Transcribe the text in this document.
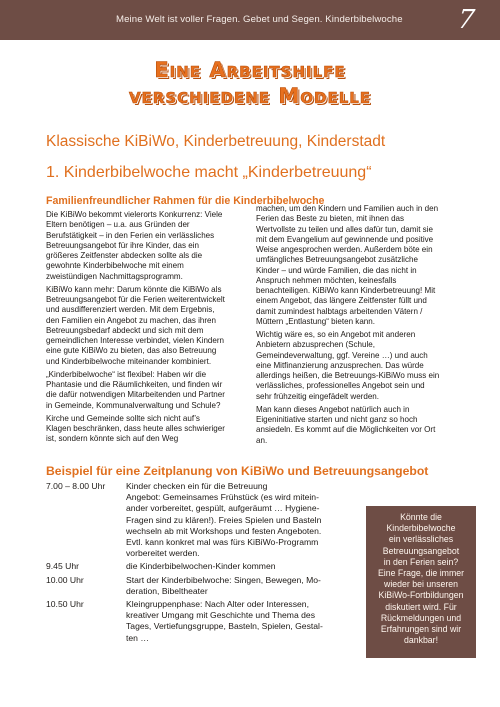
Meine Welt ist voller Fragen. Gebet und Segen. Kinderbibelwoche 7
Eine Arbeitshilfe
verschiedene Modelle
Klassische KiBiWo, Kinderbetreuung, Kinderstadt
1. Kinderbibelwoche macht „Kinderbetreuung“
Familienfreundlicher Rahmen für die Kinderbibelwoche

Die KiBiWo bekommt vielerorts Konkurrenz: Viele Eltern benötigen – u.a. aus Gründen der Berufstätigkeit – in den Ferien ein verlässliches Betreuungsangebot für ihre Kinder, das ein größeres Zeitfenster abdecken sollte als die gewohnte Kinderbibelwoche mit einem zweistündigen Nachmittagsprogramm.

KiBiWo kann mehr: Darum könnte die KiBiWo als Betreuungsangebot für die Ferien weiterentwickelt und ausdifferenziert werden. Mit dem Ergebnis, den Familien ein Angebot zu machen, das ihren Betreuungsbedarf abdeckt und sich mit dem gemeindlichen Interesse verbindet, vielen Kindern eine gute KiBiWo zu bieten, das also Betreuung und Kinderbibelwoche miteinander kombiniert.

„Kinderbibelwoche“ ist flexibel: Haben wir die Phantasie und die Räumlichkeiten, und finden wir die dafür notwendigen Mitarbeitenden und Partner in Gemeinde, Kommunalverwaltung und Schule?

Kirche und Gemeinde sollte sich nicht auf’s Klagen beschränken, dass heute alles schwieriger ist, sondern könnte sich auf den Weg

machen, um den Kindern und Familien auch in den Ferien das Beste zu bieten, mit ihnen das Wertvollste zu teilen und alles dafür tun, damit sie mit dem Evangelium auf gewinnende und positive Weise angesprochen werden. Außerdem böte ein umfängliches Betreuungsangebot zusätzliche Kinder – und würde Familien, die das nicht in Anspruch nehmen möchten, keinesfalls benachteiligen. KiBiWo kann Kinderbetreuung! Mit einem Angebot, das längere Zeitfenster füllt und damit zumindest halbtags arbeitenden Vätern / Müttern „Entlastung“ bieten kann.

Wichtig wäre es, so ein Angebot mit anderen Anbietern abzusprechen (Schule, Gemeindeverwaltung, ggf. Vereine …) und auch eine Mitfinanzierung anzusprechen. Das würde allerdings heißen, die Betreuungs-KiBiWo muss ein verlässliches, professionelles Angebot sein und sehr frühzeitig eingefädelt werden.

Man kann dieses Angebot natürlich auch in Eigeninitiative starten und nicht ganz so hoch ansiedeln. Es kommt auf die Möglichkeiten vor Ort an.

Beispiel für eine Zeitplanung von KiBiWo und Betreuungsangebot
7.00 – 8.00 Uhr	Kinder checken ein für die Betreuung
Angebot: Gemeinsames Frühstück (es wird mitein-
ander vorbereitet, gespült, aufgeräumt … Hygiene-
Fragen sind zu klären!). Freies Spielen und Basteln
wechseln ab mit Workshops und festen Angeboten.
Evtl. kann konkret mal was fürs KiBiWo-Programm
vorbereitet werden.
9.45 Uhr	die Kinderbibelwochen-Kinder kommen
10.00 Uhr	Start der Kinderbibelwoche: Singen, Bewegen, Mo-
deration, Bibeltheater
10.50 Uhr	Kleingruppenphase: Nach Alter oder Interessen,
kreativer Umgang mit Geschichte und Thema des
Tages, Vertiefungsgruppe, Basteln, Spielen, Gestal-
ten …
Könnte die
Kinderbibelwoche
ein verlässliches
Betreuungsangebot
in den Ferien sein?
Eine Frage, die immer
wieder bei unseren
KiBiWo-Fortbildungen
diskutiert wird. Für
Rückmeldungen und
Erfahrungen sind wir
dankbar!
